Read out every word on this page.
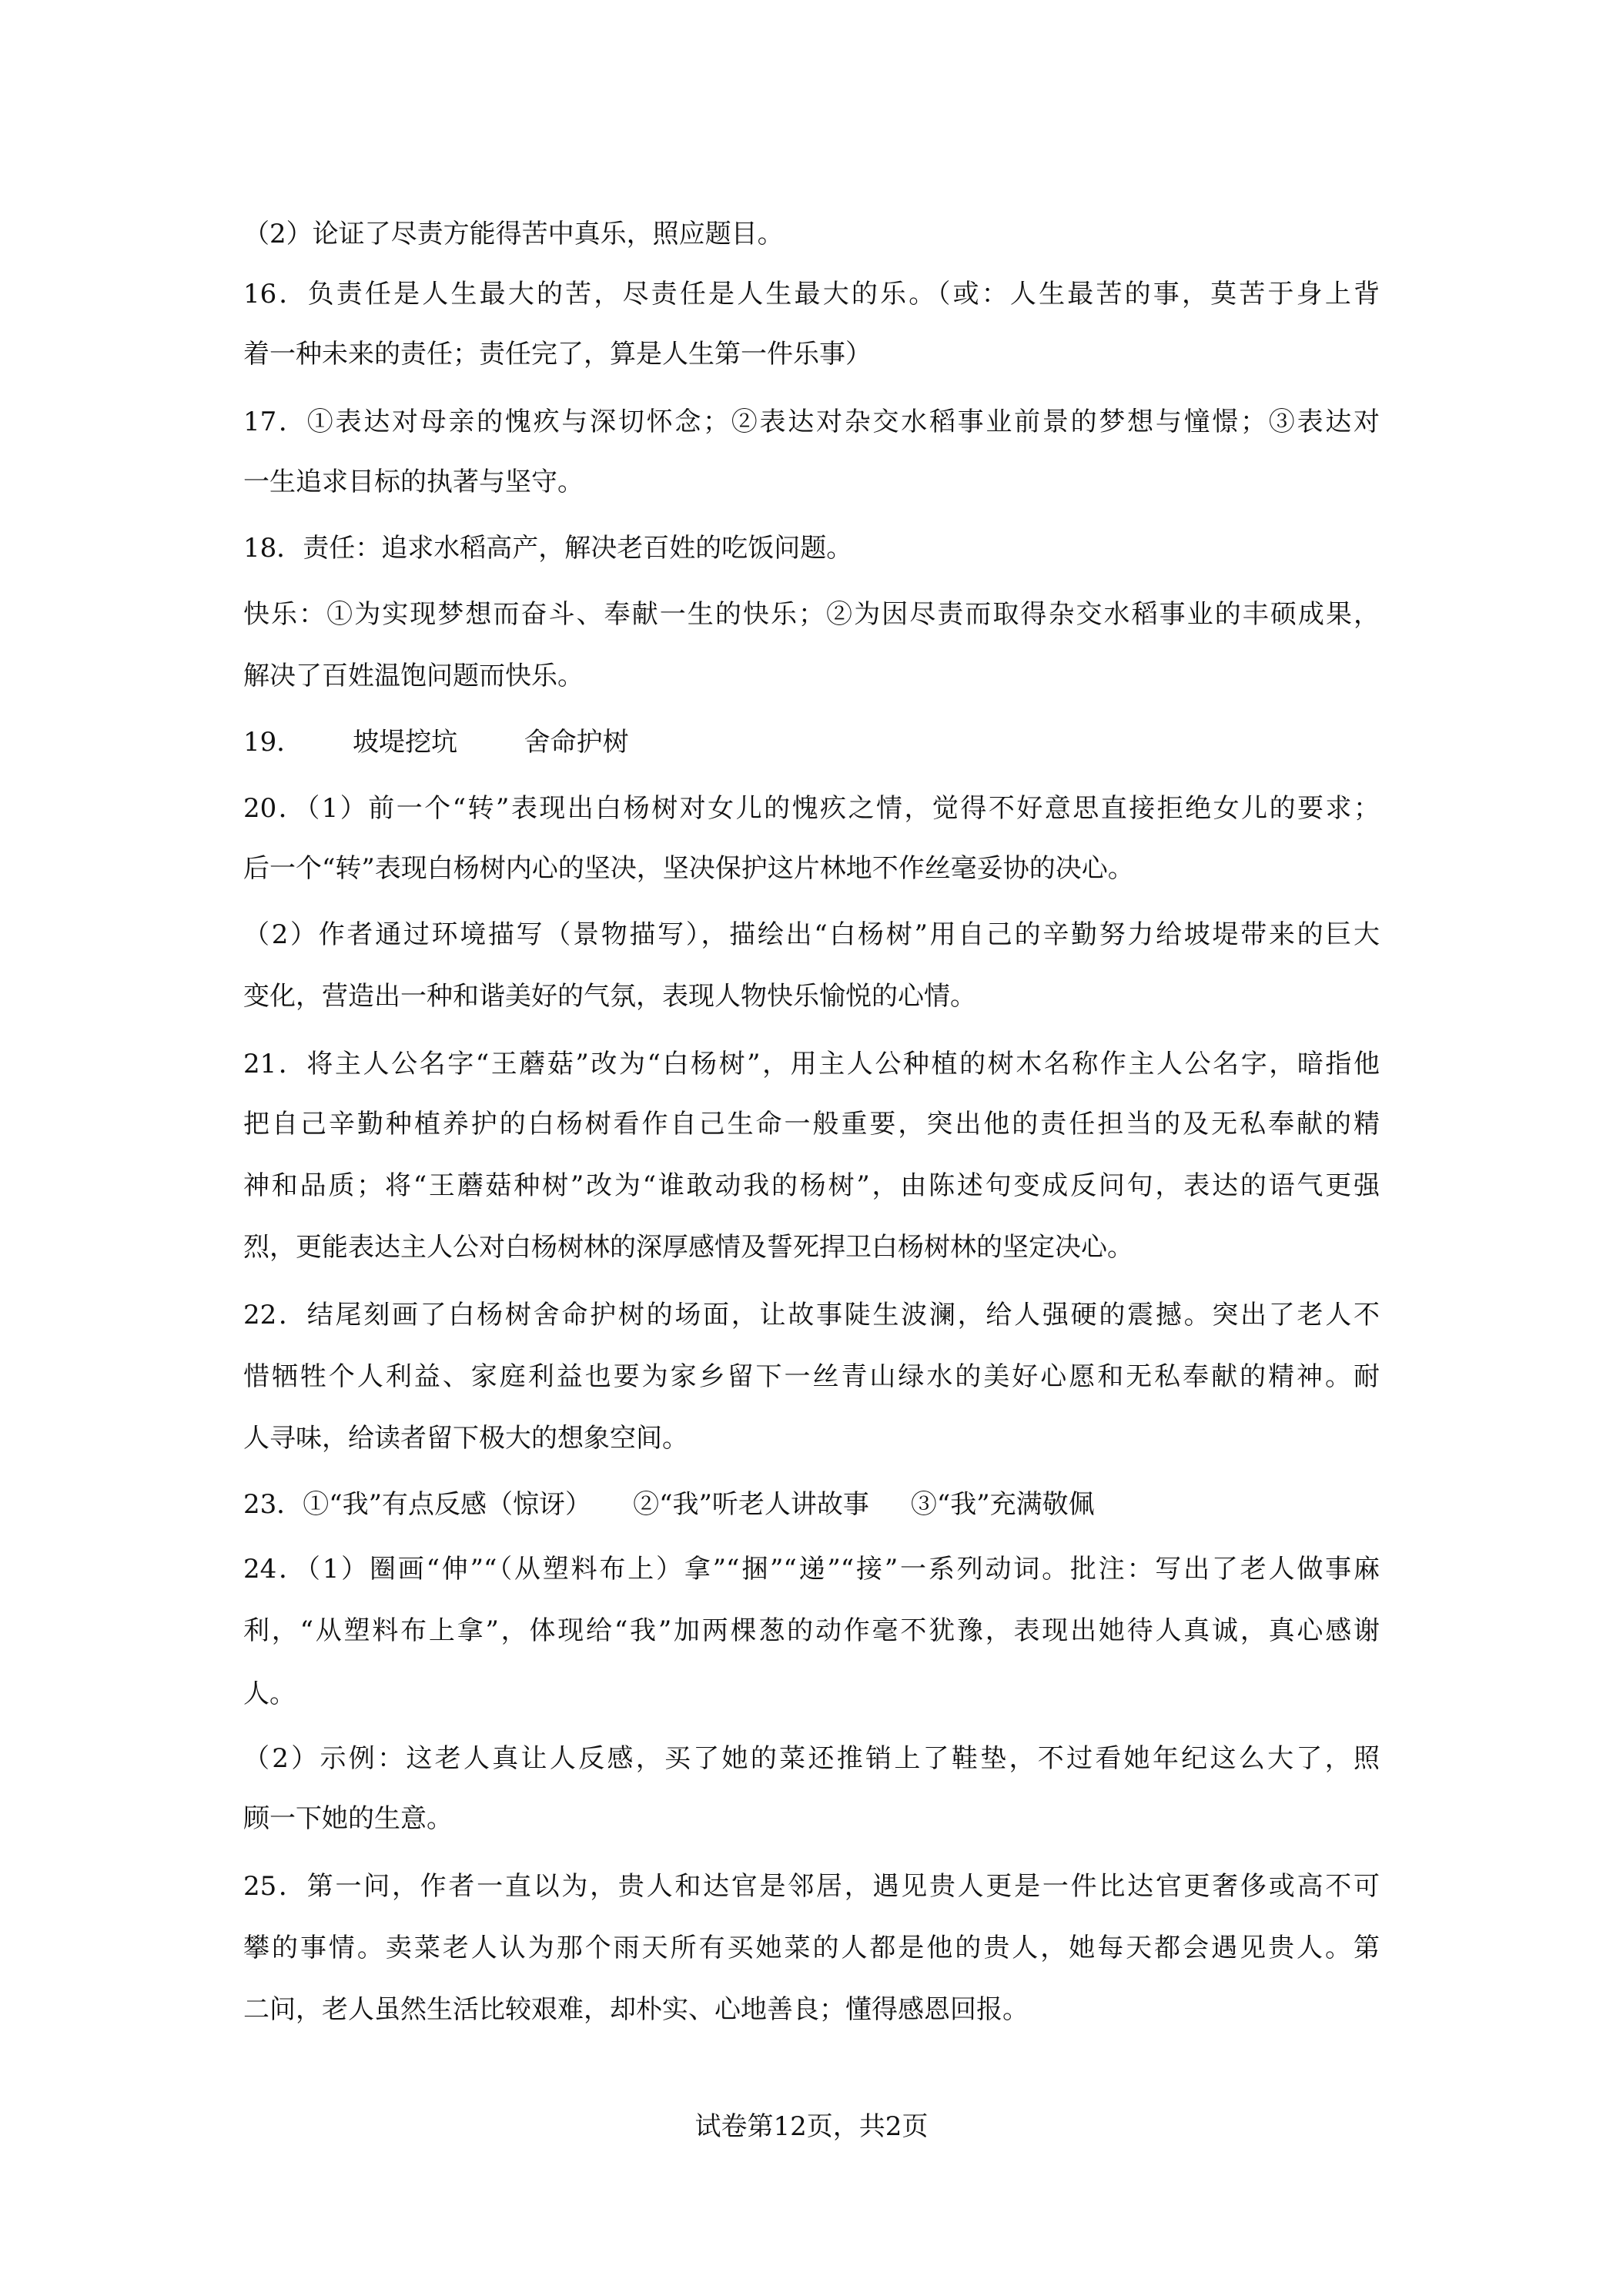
（2）论证了尽责方能得苦中真乐，照应题目。
16．负责任是人生最大的苦，尽责任是人生最大的乐。（或：人生最苦的事，莫苦于身上背
着一种未来的责任；责任完了，算是人生第一件乐事）
17．①表达对母亲的愧疚与深切怀念；②表达对杂交水稻事业前景的梦想与憧憬；③表达对
一生追求目标的执著与坚守。
18．责任：追求水稻高产，解决老百姓的吃饭问题。
快乐：①为实现梦想而奋斗、奉献一生的快乐；②为因尽责而取得杂交水稻事业的丰硕成果，
解决了百姓温饱问题而快乐。
19．      坡堤挖坑        舍命护树
20．（1）前一个“转”表现出白杨树对女儿的愧疚之情，觉得不好意思直接拒绝女儿的要求；
后一个“转”表现白杨树内心的坚决，坚决保护这片林地不作丝毫妥协的决心。
（2）作者通过环境描写（景物描写），描绘出“白杨树”用自己的辛勤努力给坡堤带来的巨大
变化，营造出一种和谐美好的气氛，表现人物快乐愉悦的心情。
21．将主人公名字“王蘑菇”改为“白杨树”，用主人公种植的树木名称作主人公名字，暗指他
把自己辛勤种植养护的白杨树看作自己生命一般重要，突出他的责任担当的及无私奉献的精
神和品质；将“王蘑菇种树”改为“谁敢动我的杨树”，由陈述句变成反问句，表达的语气更强
烈，更能表达主人公对白杨树林的深厚感情及誓死捍卫白杨树林的坚定决心。
22．结尾刻画了白杨树舍命护树的场面，让故事陡生波澜，给人强硬的震撼。突出了老人不
惜牺牲个人利益、家庭利益也要为家乡留下一丝青山绿水的美好心愿和无私奉献的精神。耐
人寻味，给读者留下极大的想象空间。
23．①“我”有点反感（惊讶）     ②“我”听老人讲故事     ③“我”充满敬佩
24．（1）圈画“伸”“（从塑料布上）拿”“捆”“递”“接”一系列动词。批注：写出了老人做事麻
利，“从塑料布上拿”，体现给“我”加两棵葱的动作毫不犹豫，表现出她待人真诚，真心感谢
人。
（2）示例：这老人真让人反感，买了她的菜还推销上了鞋垫，不过看她年纪这么大了，照
顾一下她的生意。
25．第一问，作者一直以为，贵人和达官是邻居，遇见贵人更是一件比达官更奢侈或高不可
攀的事情。卖菜老人认为那个雨天所有买她菜的人都是他的贵人，她每天都会遇见贵人。第
二问，老人虽然生活比较艰难，却朴实、心地善良；懂得感恩回报。
试卷第12页，共2页
